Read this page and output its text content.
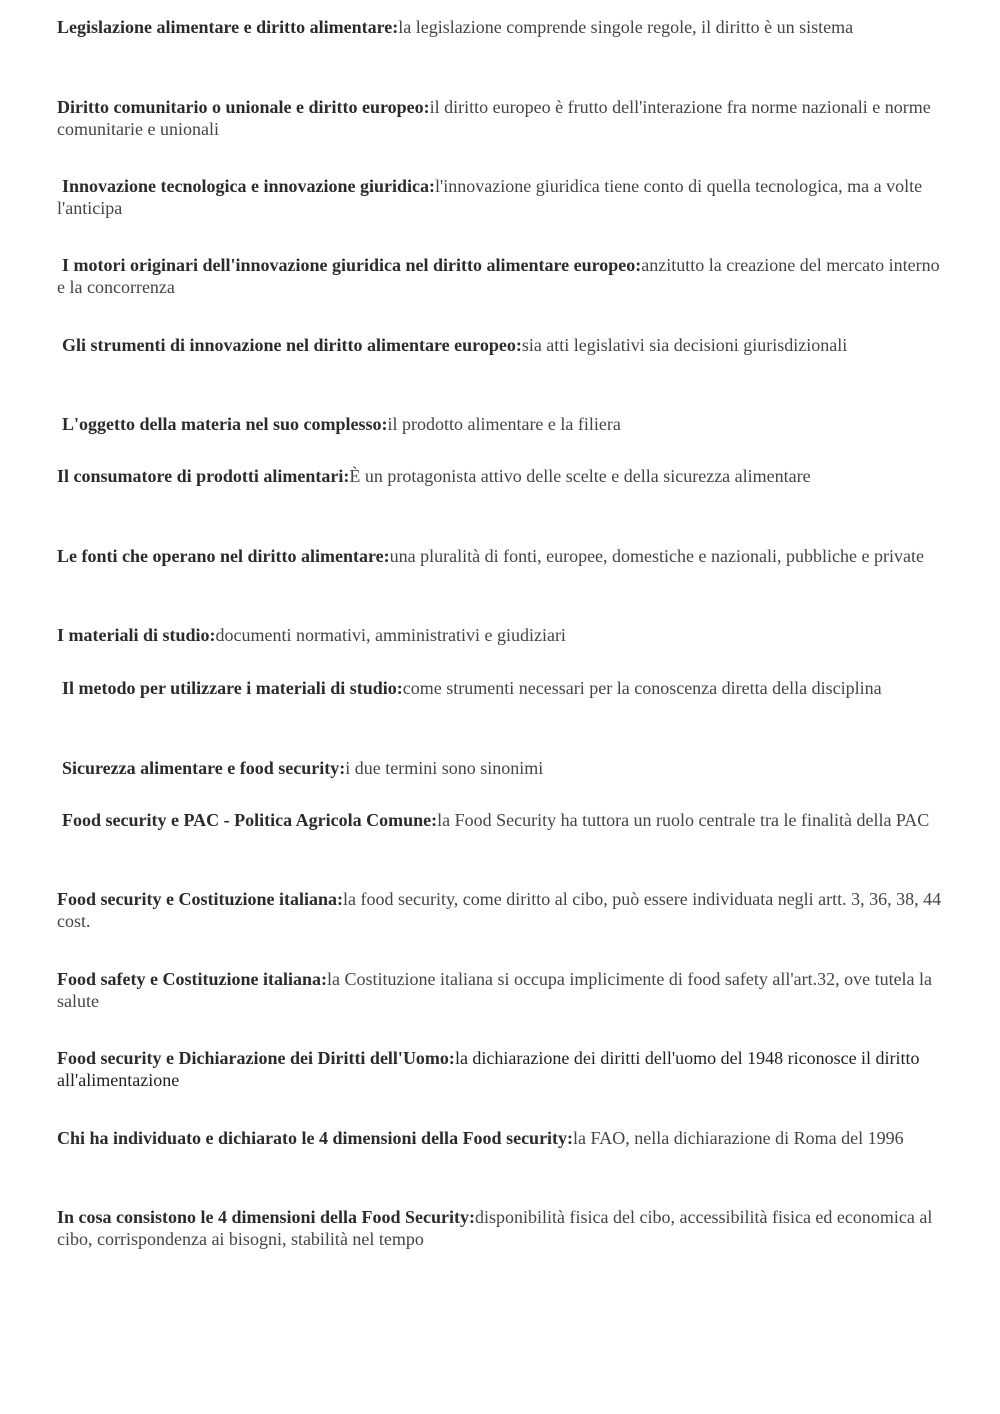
Legislazione alimentare e diritto alimentare:la legislazione comprende singole regole, il diritto è un sistema

Diritto comunitario o unionale e diritto europeo:il diritto europeo è frutto dell'interazione fra norme nazionali e norme comunitarie e unionali

Innovazione tecnologica e innovazione giuridica:l'innovazione giuridica tiene conto di quella tecnologica, ma a volte l'anticipa

I motori originari dell'innovazione giuridica nel diritto alimentare europeo:anzitutto la creazione del mercato interno e la concorrenza

Gli strumenti di innovazione nel diritto alimentare europeo:sia atti legislativi sia decisioni giurisdizionali

L'oggetto della materia nel suo complesso:il prodotto alimentare e la filiera

Il consumatore di prodotti alimentari:È un protagonista attivo delle scelte e della sicurezza alimentare

Le fonti che operano nel diritto alimentare:una pluralità di fonti, europee, domestiche e nazionali, pubbliche e private

I materiali di studio:documenti normativi, amministrativi e giudiziari

Il metodo per utilizzare i materiali di studio:come strumenti necessari per la conoscenza diretta della disciplina

Sicurezza alimentare e food security:i due termini sono sinonimi

Food security e PAC - Politica Agricola Comune:la Food Security ha tuttora un ruolo centrale tra le finalità della PAC

Food security e Costituzione italiana:la food security, come diritto al cibo, può essere individuata negli artt. 3, 36, 38, 44 cost.

Food safety e Costituzione italiana:la Costituzione italiana si occupa implicimente di food safety all'art.32, ove tutela la salute

Food security e Dichiarazione dei Diritti dell'Uomo:la dichiarazione dei diritti dell'uomo del 1948 riconosce il diritto all'alimentazione

Chi ha individuato e dichiarato le 4 dimensioni della Food security:la FAO, nella dichiarazione di Roma del 1996

In cosa consistono le 4 dimensioni della Food Security:disponibilità fisica del cibo, accessibilità fisica ed economica al cibo, corrispondenza ai bisogni, stabilità nel tempo
